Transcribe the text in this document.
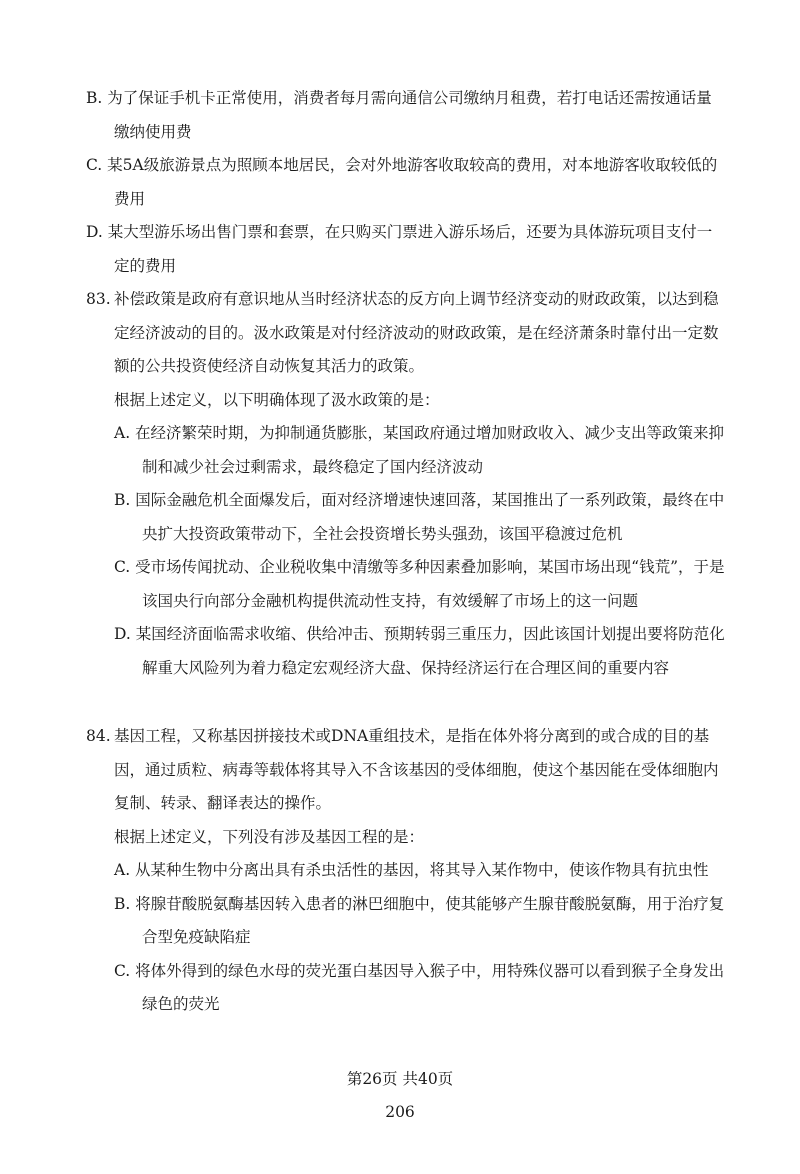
B. 为了保证手机卡正常使用，消费者每月需向通信公司缴纳月租费，若打电话还需按通话量缴纳使用费
C. 某5A级旅游景点为照顾本地居民，会对外地游客收取较高的费用，对本地游客收取较低的费用
D. 某大型游乐场出售门票和套票，在只购买门票进入游乐场后，还要为具体游玩项目支付一定的费用
83. 补偿政策是政府有意识地从当时经济状态的反方向上调节经济变动的财政政策，以达到稳定经济波动的目的。汲水政策是对付经济波动的财政政策，是在经济萧条时靠付出一定数额的公共投资使经济自动恢复其活力的政策。
根据上述定义，以下明确体现了汲水政策的是：
A. 在经济繁荣时期，为抑制通货膨胀，某国政府通过增加财政收入、减少支出等政策来抑制和减少社会过剩需求，最终稳定了国内经济波动
B. 国际金融危机全面爆发后，面对经济增速快速回落，某国推出了一系列政策，最终在中央扩大投资政策带动下，全社会投资增长势头强劲，该国平稳渡过危机
C. 受市场传闻扰动、企业税收集中清缴等多种因素叠加影响，某国市场出现“钱荒”，于是该国央行向部分金融机构提供流动性支持，有效缓解了市场上的这一问题
D. 某国经济面临需求收缩、供给冲击、预期转弱三重压力，因此该国计划提出要将防范化解重大风险列为着力稳定宏观经济大盘、保持经济运行在合理区间的重要内容
84. 基因工程，又称基因拼接技术或DNA重组技术，是指在体外将分离到的或合成的目的基因，通过质粒、病毒等载体将其导入不含该基因的受体细胞，使这个基因能在受体细胞内复制、转录、翻译表达的操作。
根据上述定义，下列没有涉及基因工程的是：
A. 从某种生物中分离出具有杀虫活性的基因，将其导入某作物中，使该作物具有抗虫性
B. 将腺苷酸脱氨酶基因转入患者的淋巴细胞中，使其能够产生腺苷酸脱氨酶，用于治疗复合型免疫缺陷症
C. 将体外得到的绿色水母的荧光蛋白基因导入猴子中，用特殊仪器可以看到猴子全身发出绿色的荧光
第26页 共40页
206
